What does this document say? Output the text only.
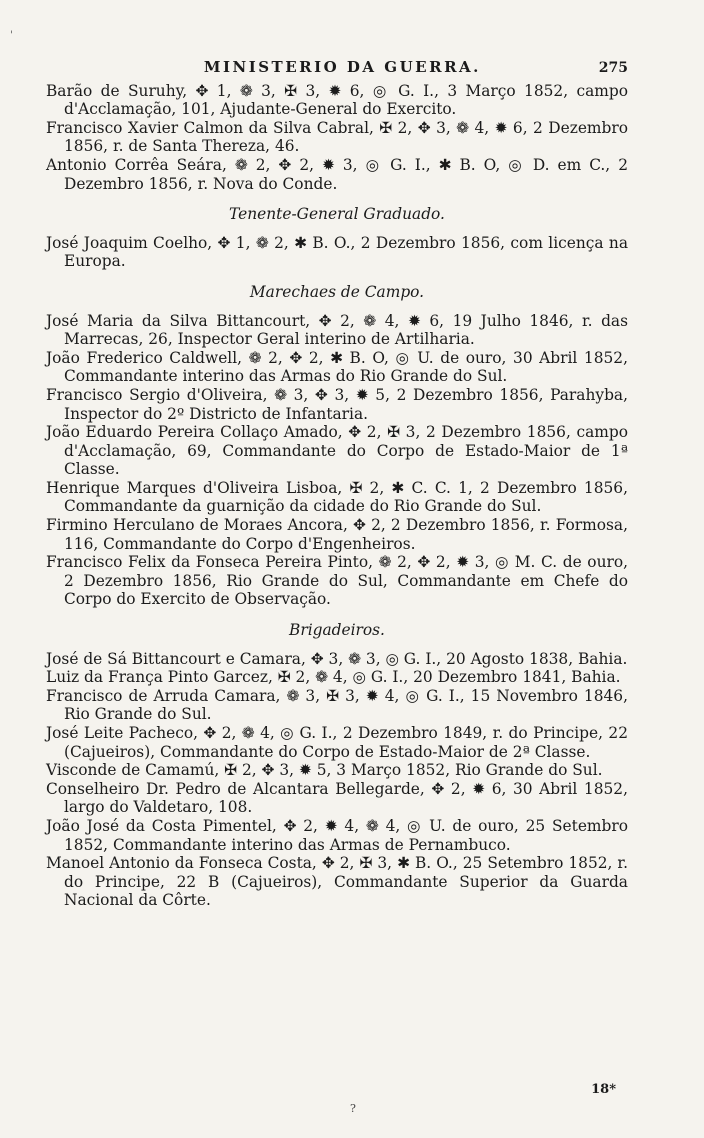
'
MINISTERIO DA GUERRA.	275

Barão de Suruhy, ✥ 1, ❁ 3, ✠ 3, ✹ 6, ◎ G. I., 3 Março 1852, campo d'Acclamação, 101, Ajudante-General do Exercito.

Francisco Xavier Calmon da Silva Cabral, ✠ 2, ✥ 3, ❁ 4, ✹ 6, 2 Dezembro 1856, r. de Santa Thereza, 46.

Antonio Corrêa Seára, ❁ 2, ✥ 2, ✹ 3, ◎ G. I., ✱ B. O, ◎ D. em C., 2 Dezembro 1856, r. Nova do Conde.

Tenente-General Graduado.

José Joaquim Coelho, ✥ 1, ❁ 2, ✱ B. O., 2 Dezembro 1856, com licença na Europa.

Marechaes de Campo.

José Maria da Silva Bittancourt, ✥ 2, ❁ 4, ✹ 6, 19 Julho 1846, r. das Marrecas, 26, Inspector Geral interino de Artilharia.

João Frederico Caldwell, ❁ 2, ✥ 2, ✱ B. O, ◎ U. de ouro, 30 Abril 1852, Commandante interino das Armas do Rio Grande do Sul.

Francisco Sergio d'Oliveira, ❁ 3, ✥ 3, ✹ 5, 2 Dezembro 1856, Parahyba, Inspector do 2º Districto de Infantaria.

João Eduardo Pereira Collaço Amado, ✥ 2, ✠ 3, 2 Dezembro 1856, campo d'Acclamação, 69, Commandante do Corpo de Estado-Maior de 1ª Classe.

Henrique Marques d'Oliveira Lisboa, ✠ 2, ✱ C. C. 1, 2 Dezembro 1856, Commandante da guarnição da cidade do Rio Grande do Sul.

Firmino Herculano de Moraes Ancora, ✥ 2, 2 Dezembro 1856, r. Formosa, 116, Commandante do Corpo d'Engenheiros.

Francisco Felix da Fonseca Pereira Pinto, ❁ 2, ✥ 2, ✹ 3, ◎ M. C. de ouro, 2 Dezembro 1856, Rio Grande do Sul, Commandante em Chefe do Corpo do Exercito de Observação.

Brigadeiros.

José de Sá Bittancourt e Camara, ✥ 3, ❁ 3, ◎ G. I., 20 Agosto 1838, Bahia.

Luiz da França Pinto Garcez, ✠ 2, ❁ 4, ◎ G. I., 20 Dezembro 1841, Bahia.

Francisco de Arruda Camara, ❁ 3, ✠ 3, ✹ 4, ◎ G. I., 15 Novembro 1846, Rio Grande do Sul.

José Leite Pacheco, ✥ 2, ❁ 4, ◎ G. I., 2 Dezembro 1849, r. do Principe, 22 (Cajueiros), Commandante do Corpo de Estado-Maior de 2ª Classe.

Visconde de Camamú, ✠ 2, ✥ 3, ✹ 5, 3 Março 1852, Rio Grande do Sul.

Conselheiro Dr. Pedro de Alcantara Bellegarde, ✥ 2, ✹ 6, 30 Abril 1852, largo do Valdetaro, 108.

João José da Costa Pimentel, ✥ 2, ✹ 4, ❁ 4, ◎ U. de ouro, 25 Setembro 1852, Commandante interino das Armas de Pernambuco.

Manoel Antonio da Fonseca Costa, ✥ 2, ✠ 3, ✱ B. O., 25 Setembro 1852, r. do Principe, 22 B (Cajueiros), Commandante Superior da Guarda Nacional da Côrte.

18*
?
